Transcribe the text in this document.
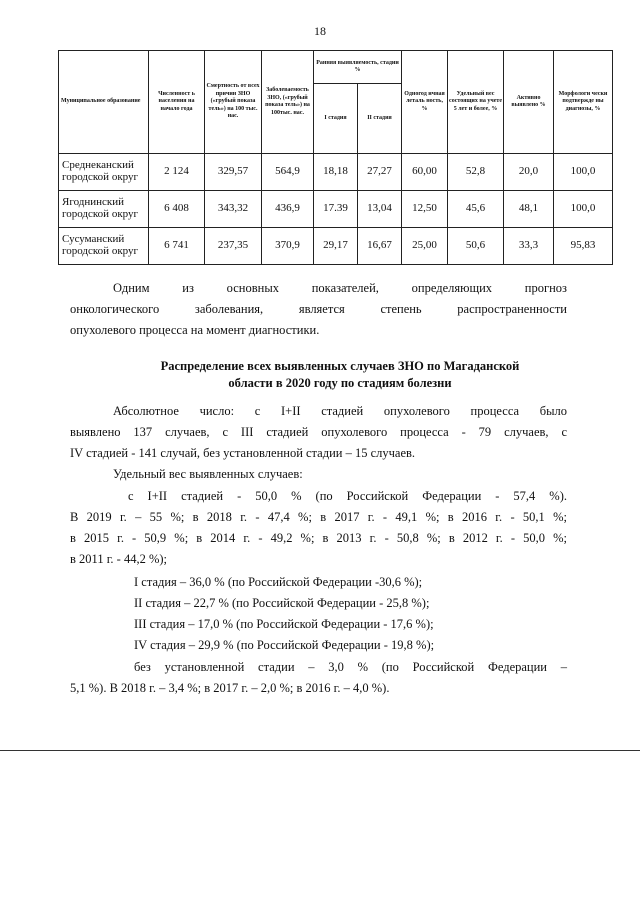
18
Муниципальное образование	Численност ь населения на начало года	Смертность от всех причин ЗНО («грубый показа тель») на 100 тыс. нас.	Заболеваемость ЗНО, («грубый показа тель») на 100тыс. нас.	Ранняя выявляемость, стадии %		Одногод ичная леталь ность, %	Удельный вес состоящих на учете 5 лет и более, %	Активно выявлено %	Морфологи чески подтвержде ны диагнозы, %
				I стадия	II стадия				
Среднеканский городской округ	2 124	329,57	564,9	18,18	27,27	60,00	52,8	20,0	100,0
Ягоднинский городской округ	6 408	343,32	436,9	17.39	13,04	12,50	45,6	48,1	100,0
Сусуманский городской округ	6 741	237,35	370,9	29,17	16,67	25,00	50,6	33,3	95,83
Одним из основных показателей, определяющих прогноз
онкологического заболевания, является степень распространенности
опухолевого процесса на момент диагностики.
Распределение всех выявленных случаев ЗНО по Магаданской
области в 2020 году по стадиям болезни
Абсолютное число: с I+II стадией опухолевого процесса было
выявлено 137 случаев, с III стадией опухолевого процесса - 79 случаев, с
IV стадией - 141 случай, без установленной стадии – 15 случаев.
Удельный вес выявленных случаев:
с I+II стадией - 50,0 % (по Российской Федерации - 57,4 %).
В 2019 г. – 55 %; в 2018 г. - 47,4 %; в 2017 г. - 49,1 %; в 2016 г. - 50,1 %;
в 2015 г. - 50,9 %; в 2014 г. - 49,2 %; в 2013 г. - 50,8 %; в 2012 г. - 50,0 %;
в 2011 г. - 44,2 %);
I стадия – 36,0 % (по Российской Федерации -30,6 %);
II стадия – 22,7 % (по Российской Федерации - 25,8 %);
III стадия – 17,0 % (по Российской Федерации - 17,6 %);
IV стадия – 29,9 % (по Российской Федерации - 19,8 %);
без установленной стадии – 3,0 % (по Российской Федерации –
5,1 %). В 2018 г. – 3,4 %; в 2017 г. – 2,0 %; в 2016 г. – 4,0 %).
